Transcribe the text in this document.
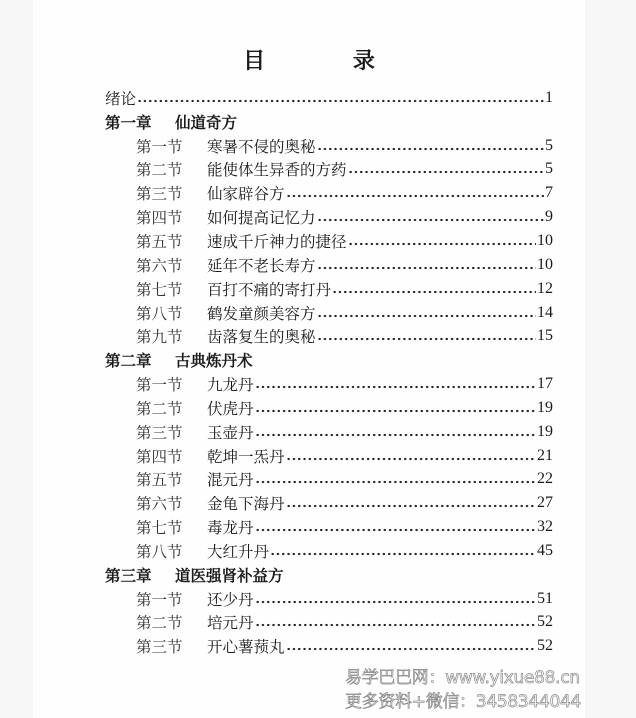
目 录
绪论	1
第一章	仙道奇方
第一节	寒暑不侵的奥秘	5
第二节	能使体生异香的方药	5
第三节	仙家辟谷方	7
第四节	如何提高记忆力	9
第五节	速成千斤神力的捷径	10
第六节	延年不老长寿方	10
第七节	百打不痛的寄打丹	12
第八节	鹤发童颜美容方	14
第九节	齿落复生的奥秘	15
第二章	古典炼丹术
第一节	九龙丹	17
第二节	伏虎丹	19
第三节	玉壶丹	19
第四节	乾坤一炁丹	21
第五节	混元丹	22
第六节	金龟下海丹	27
第七节	毒龙丹	32
第八节	大红升丹	45
第三章	道医强肾补益方
第一节	还少丹	51
第二节	培元丹	52
第三节	开心薯蓣丸	52
易学巴巴网：www.yixue88.cn
更多资料+微信：3458344044
